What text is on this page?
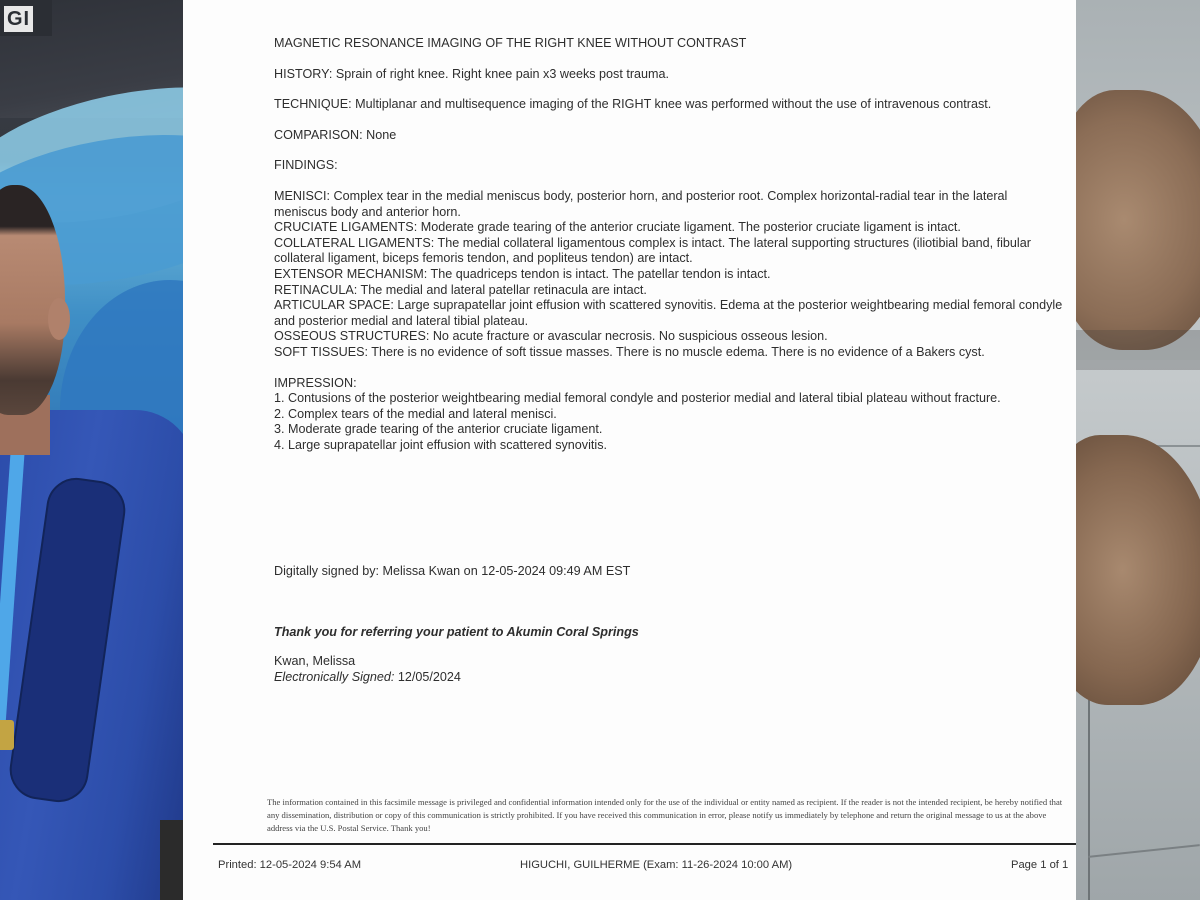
GI

MAGNETIC RESONANCE IMAGING OF THE RIGHT KNEE WITHOUT CONTRAST

HISTORY: Sprain of right knee. Right knee pain x3 weeks post trauma.

TECHNIQUE: Multiplanar and multisequence imaging of the RIGHT knee was performed without the use of intravenous contrast.

COMPARISON: None

FINDINGS:

MENISCI: Complex tear in the medial meniscus body, posterior horn, and posterior root. Complex horizontal-radial tear in the lateral meniscus body and anterior horn.

CRUCIATE LIGAMENTS: Moderate grade tearing of the anterior cruciate ligament. The posterior cruciate ligament is intact.

COLLATERAL LIGAMENTS: The medial collateral ligamentous complex is intact. The lateral supporting structures (iliotibial band, fibular collateral ligament, biceps femoris tendon, and popliteus tendon) are intact.

EXTENSOR MECHANISM: The quadriceps tendon is intact. The patellar tendon is intact.

RETINACULA: The medial and lateral patellar retinacula are intact.

ARTICULAR SPACE: Large suprapatellar joint effusion with scattered synovitis. Edema at the posterior weightbearing medial femoral condyle and posterior medial and lateral tibial plateau.

OSSEOUS STRUCTURES: No acute fracture or avascular necrosis. No suspicious osseous lesion.

SOFT TISSUES: There is no evidence of soft tissue masses. There is no muscle edema. There is no evidence of a Bakers cyst.

IMPRESSION:

1. Contusions of the posterior weightbearing medial femoral condyle and posterior medial and lateral tibial plateau without fracture.

2. Complex tears of the medial and lateral menisci.

3. Moderate grade tearing of the anterior cruciate ligament.

4. Large suprapatellar joint effusion with scattered synovitis.

Digitally signed by: Melissa Kwan on 12-05-2024 09:49 AM EST

Thank you for referring your patient to Akumin Coral Springs

Kwan, Melissa
Electronically Signed: 12/05/2024
The information contained in this facsimile message is privileged and confidential information intended only for the use of the individual or entity named as recipient. If the reader is not the intended recipient, be hereby notified that any dissemination, distribution or copy of this communication is strictly prohibited. If you have received this communication in error, please notify us immediately by telephone and return the original message to us at the above address via the U.S. Postal Service. Thank you!
Printed: 12-05-2024 9:54 AM	HIGUCHI, GUILHERME (Exam: 11-26-2024 10:00 AM)	Page 1 of 1
